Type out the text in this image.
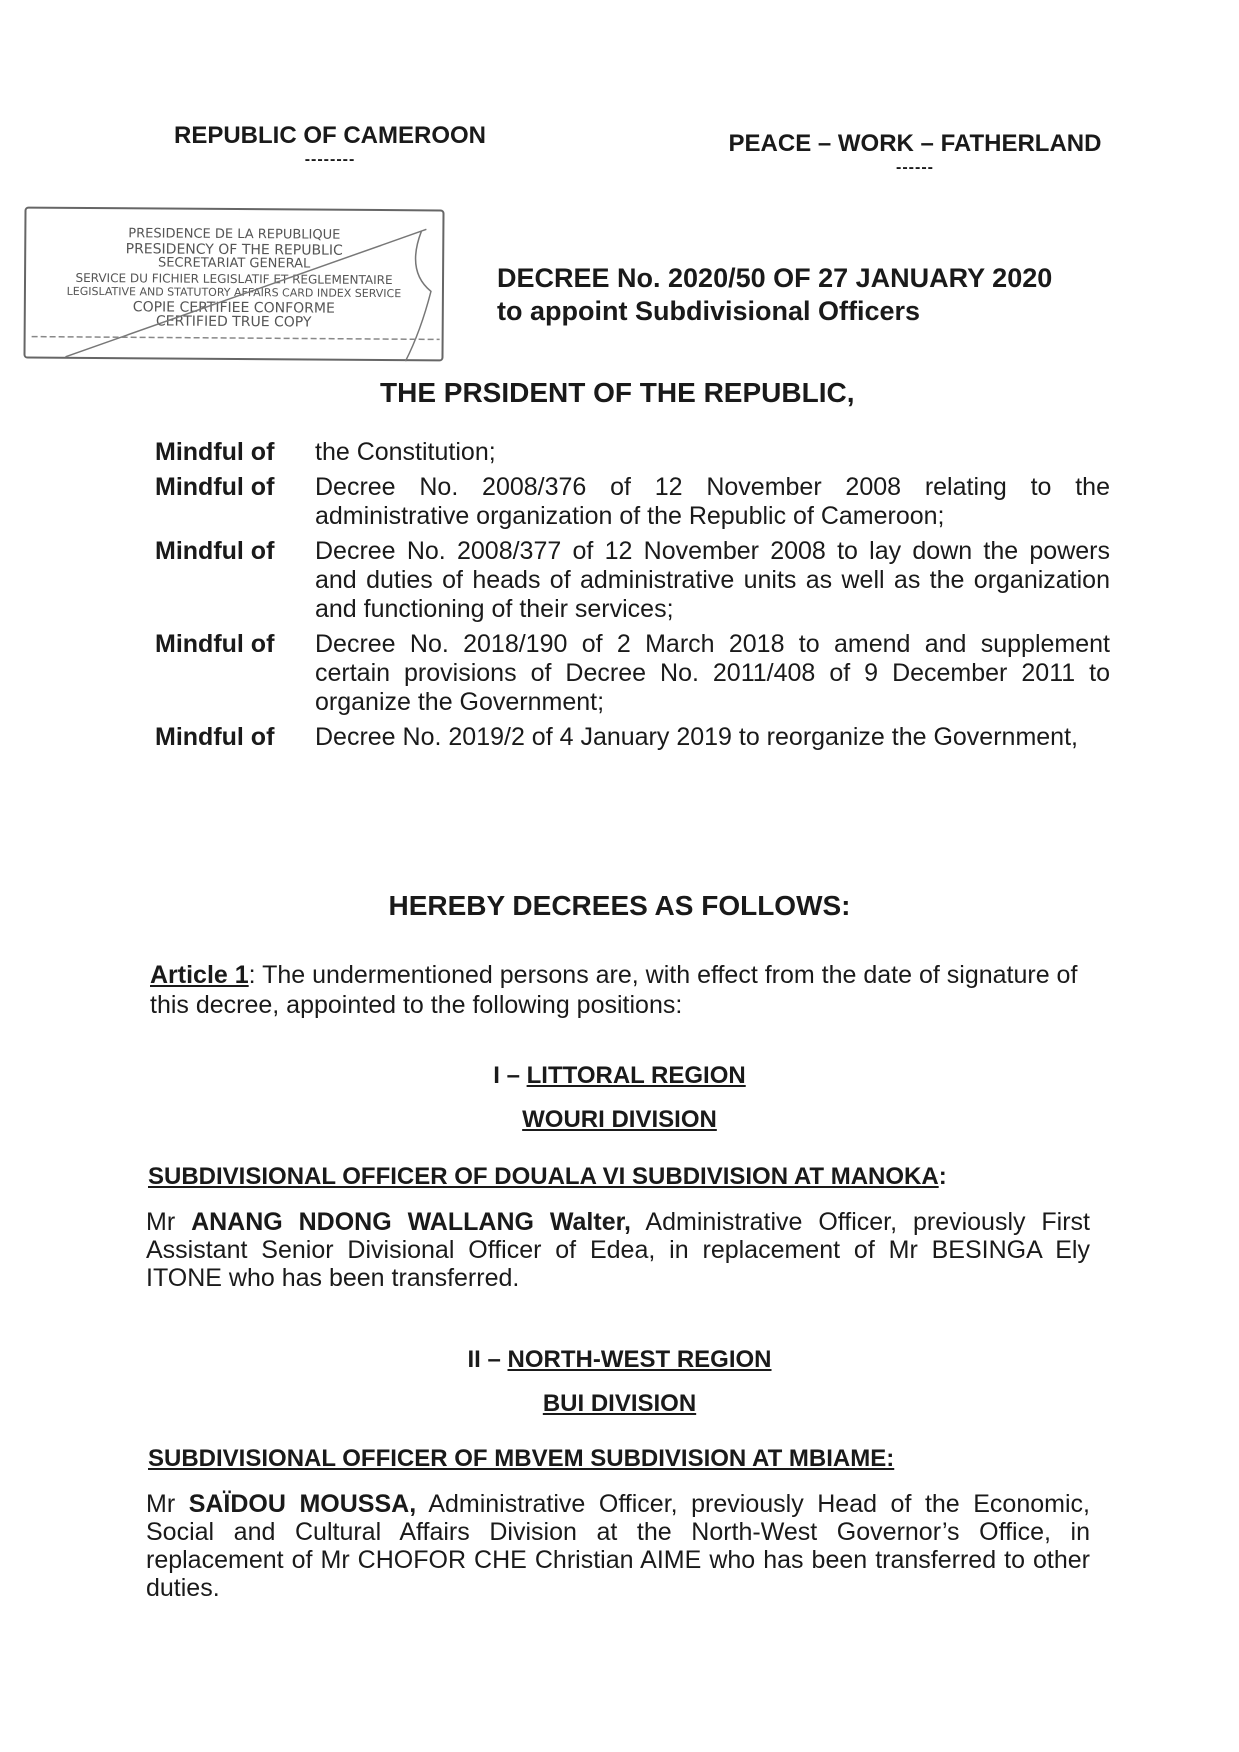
REPUBLIC OF CAMEROON
--------
PEACE – WORK – FATHERLAND
------
PRESIDENCE DE LA REPUBLIQUE
PRESIDENCY OF THE REPUBLIC
SECRETARIAT GENERAL
SERVICE DU FICHIER LEGISLATIF ET REGLEMENTAIRE
LEGISLATIVE AND STATUTORY AFFAIRS CARD INDEX SERVICE
COPIE CERTIFIEE CONFORME
CERTIFIED TRUE COPY
DECREE No. 2020/50 OF 27 JANUARY 2020
to appoint Subdivisional Officers
THE PRSIDENT OF THE REPUBLIC,
Mindful of	the Constitution;
Mindful of	Decree No. 2008/376 of 12 November 2008 relating to the administrative organization of the Republic of Cameroon;
Mindful of	Decree No. 2008/377 of 12 November 2008 to lay down the powers and duties of heads of administrative units as well as the organization and functioning of their services;
Mindful of	Decree No. 2018/190 of 2 March 2018 to amend and supplement certain provisions of Decree No. 2011/408 of 9 December 2011 to organize the Government;
Mindful of	Decree No. 2019/2 of 4 January 2019 to reorganize the Government,
HEREBY DECREES AS FOLLOWS:
Article 1: The undermentioned persons are, with effect from the date of signature of this decree, appointed to the following positions:
I – LITTORAL REGION
WOURI DIVISION
SUBDIVISIONAL OFFICER OF DOUALA VI SUBDIVISION AT MANOKA:
Mr ANANG NDONG WALLANG Walter, Administrative Officer, previously First Assistant Senior Divisional Officer of Edea, in replacement of Mr BESINGA Ely ITONE who has been transferred.
II – NORTH-WEST REGION
BUI DIVISION
SUBDIVISIONAL OFFICER OF MBVEM SUBDIVISION AT MBIAME:
Mr SAÏDOU MOUSSA, Administrative Officer, previously Head of the Economic, Social and Cultural Affairs Division at the North-West Governor’s Office, in replacement of Mr CHOFOR CHE Christian AIME who has been transferred to other duties.
